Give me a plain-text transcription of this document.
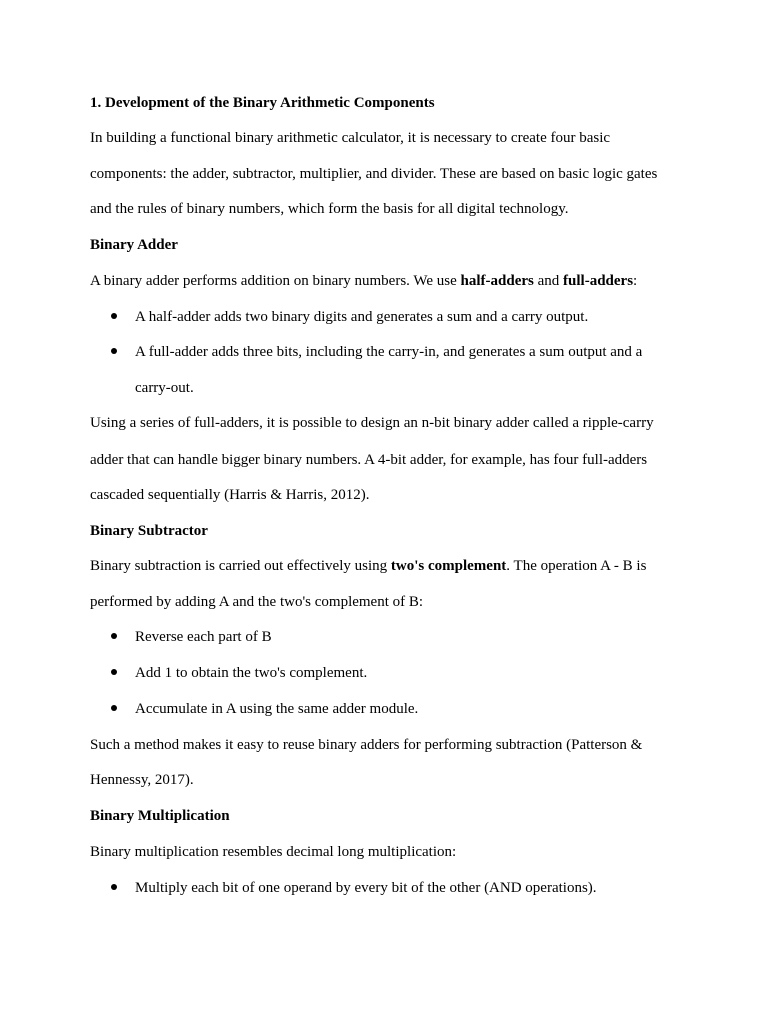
1. Development of the Binary Arithmetic Components
In building a functional binary arithmetic calculator, it is necessary to create four basic
components: the adder, subtractor, multiplier, and divider. These are based on basic logic gates
and the rules of binary numbers, which form the basis for all digital technology.
Binary Adder
A binary adder performs addition on binary numbers. We use half-adders and full-adders:
A half-adder adds two binary digits and generates a sum and a carry output.
A full-adder adds three bits, including the carry-in, and generates a sum output and a
carry-out.
Using a series of full-adders, it is possible to design an n-bit binary adder called a ripple-carry
adder that can handle bigger binary numbers. A 4-bit adder, for example, has four full-adders
cascaded sequentially (Harris & Harris, 2012).
Binary Subtractor
Binary subtraction is carried out effectively using two's complement. The operation A - B is
performed by adding A and the two's complement of B:
Reverse each part of B
Add 1 to obtain the two's complement.
Accumulate in A using the same adder module.
Such a method makes it easy to reuse binary adders for performing subtraction (Patterson &
Hennessy, 2017).
Binary Multiplication
Binary multiplication resembles decimal long multiplication:
Multiply each bit of one operand by every bit of the other (AND operations).
